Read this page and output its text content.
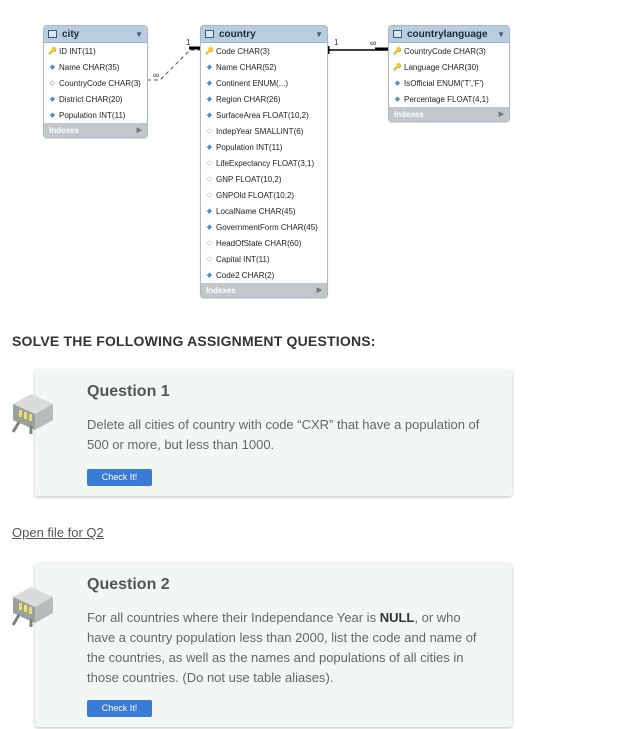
∞
1	1	∞
city	▼
🔑 ID INT(11)
◆ Name CHAR(35)
◇ CountryCode CHAR(3)
◆ District CHAR(20)
◆ Population INT(11)
Indexes	▶
country	▼
🔑 Code CHAR(3)
◆ Name CHAR(52)
◆ Continent ENUM(...)
◆ Region CHAR(26)
◆ SurfaceArea FLOAT(10,2)
◇ IndepYear SMALLINT(6)
◆ Population INT(11)
◇ LifeExpectancy FLOAT(3,1)
◇ GNP FLOAT(10,2)
◇ GNPOld FLOAT(10,2)
◆ LocalName CHAR(45)
◆ GovernmentForm CHAR(45)
◇ HeadOfState CHAR(60)
◇ Capital INT(11)
◆ Code2 CHAR(2)
Indexes	▶
countrylanguage	▼
🔑 CountryCode CHAR(3)
🔑 Language CHAR(30)
◆ IsOfficial ENUM('T','F')
◆ Percentage FLOAT(4,1)
Indexes	▶
SOLVE THE FOLLOWING ASSIGNMENT QUESTIONS:
Question 1
Delete all cities of country with code “CXR” that have a population of 500 or more, but less than 1000.
Check It!
Open file for Q2
Question 2
For all countries where their Independance Year is NULL, or who have a country population less than 2000, list the code and name of the countries, as well as the names and populations of all cities in those countries. (Do not use table aliases).
Check It!
